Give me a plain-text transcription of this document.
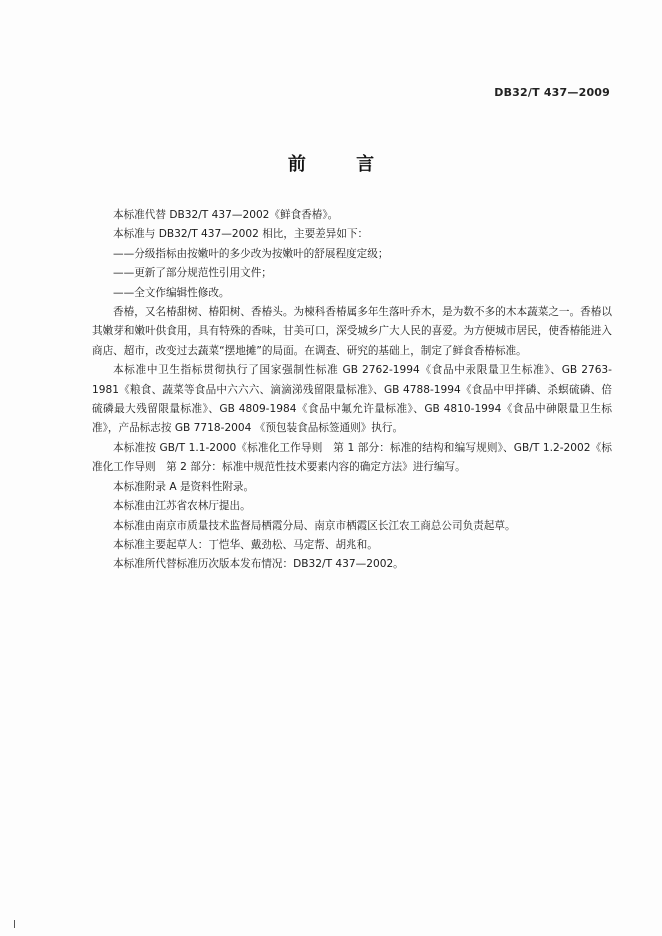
DB32/T 437—2009
前 言

本标准代替 DB32/T 437—2002《鲜食香椿》。

本标准与 DB32/T 437—2002 相比，主要差异如下：

——分级指标由按嫩叶的多少改为按嫩叶的舒展程度定级；

——更新了部分规范性引用文件；

——全文作编辑性修改。

香椿，又名椿甜树、椿阳树、香椿头。为楝科香椿属多年生落叶乔木，是为数不多的木本蔬菜之一。香椿以其嫩芽和嫩叶供食用，具有特殊的香味，甘美可口，深受城乡广大人民的喜爱。为方便城市居民，使香椿能进入商店、超市，改变过去蔬菜“摆地摊”的局面。在调查、研究的基础上，制定了鲜食香椿标准。

本标准中卫生指标贯彻执行了国家强制性标准 GB 2762-1994《食品中汞限量卫生标准》、GB 2763-1981《粮食、蔬菜等食品中六六六、滴滴涕残留限量标准》、GB 4788-1994《食品中甲拌磷、杀螟硫磷、倍硫磷最大残留限量标准》、GB 4809-1984《食品中氟允许量标准》、GB 4810-1994《食品中砷限量卫生标准》，产品标志按 GB 7718-2004 《预包装食品标签通则》执行。

本标准按 GB/T 1.1-2000《标准化工作导则　第 1 部分：标准的结构和编写规则》、GB/T 1.2-2002《标准化工作导则　第 2 部分：标准中规范性技术要素内容的确定方法》进行编写。

本标准附录 A 是资料性附录。

本标准由江苏省农林厅提出。

本标准由南京市质量技术监督局栖霞分局、南京市栖霞区长江农工商总公司负责起草。

本标准主要起草人：丁恺华、戴劲松、马定帮、胡兆和。

本标准所代替标准历次版本发布情况：DB32/T 437—2002。
